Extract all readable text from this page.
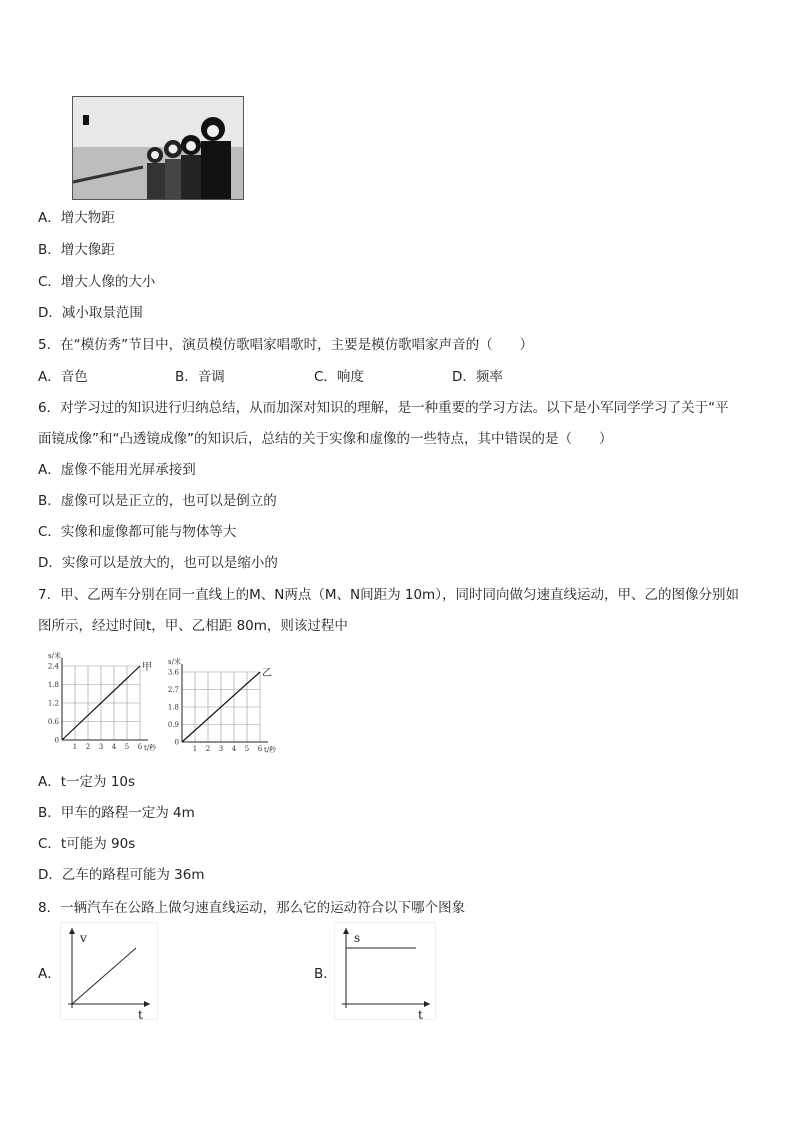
A．增大物距
B．增大像距
C．增大人像的大小
D．减小取景范围
5．在“模仿秀”节目中，演员模仿歌唱家唱歌时，主要是模仿歌唱家声音的（　　）
A．音色	B．音调	C．响度	D．频率
6．对学习过的知识进行归纳总结，从而加深对知识的理解，是一种重要的学习方法。以下是小军同学学习了关于“平
面镜成像”和“凸透镜成像”的知识后，总结的关于实像和虚像的一些特点，其中错误的是（　　）
A．虚像不能用光屏承接到
B．虚像可以是正立的，也可以是倒立的
C．实像和虚像都可能与物体等大
D．实像可以是放大的，也可以是缩小的
7．甲、乙两车分别在同一直线上的M、N两点（M、N间距为 10m），同时同向做匀速直线运动，甲、乙的图像分别如
图所示，经过时间t，甲、乙相距 80m，则该过程中
1 2 3 4 5 6
0
0.6
1.2
1.8
2.4	甲
t/秒
s/米
1 2 3 4 5 6
0
0.9
1.8
2.7
3.6	乙
t/秒
s/米
A．t一定为 10s
B．甲车的路程一定为 4m
C．t可能为 90s
D．乙车的路程可能为 36m
8．一辆汽车在公路上做匀速直线运动，那么它的运动符合以下哪个图象
A．
t
v
B．
t
s
